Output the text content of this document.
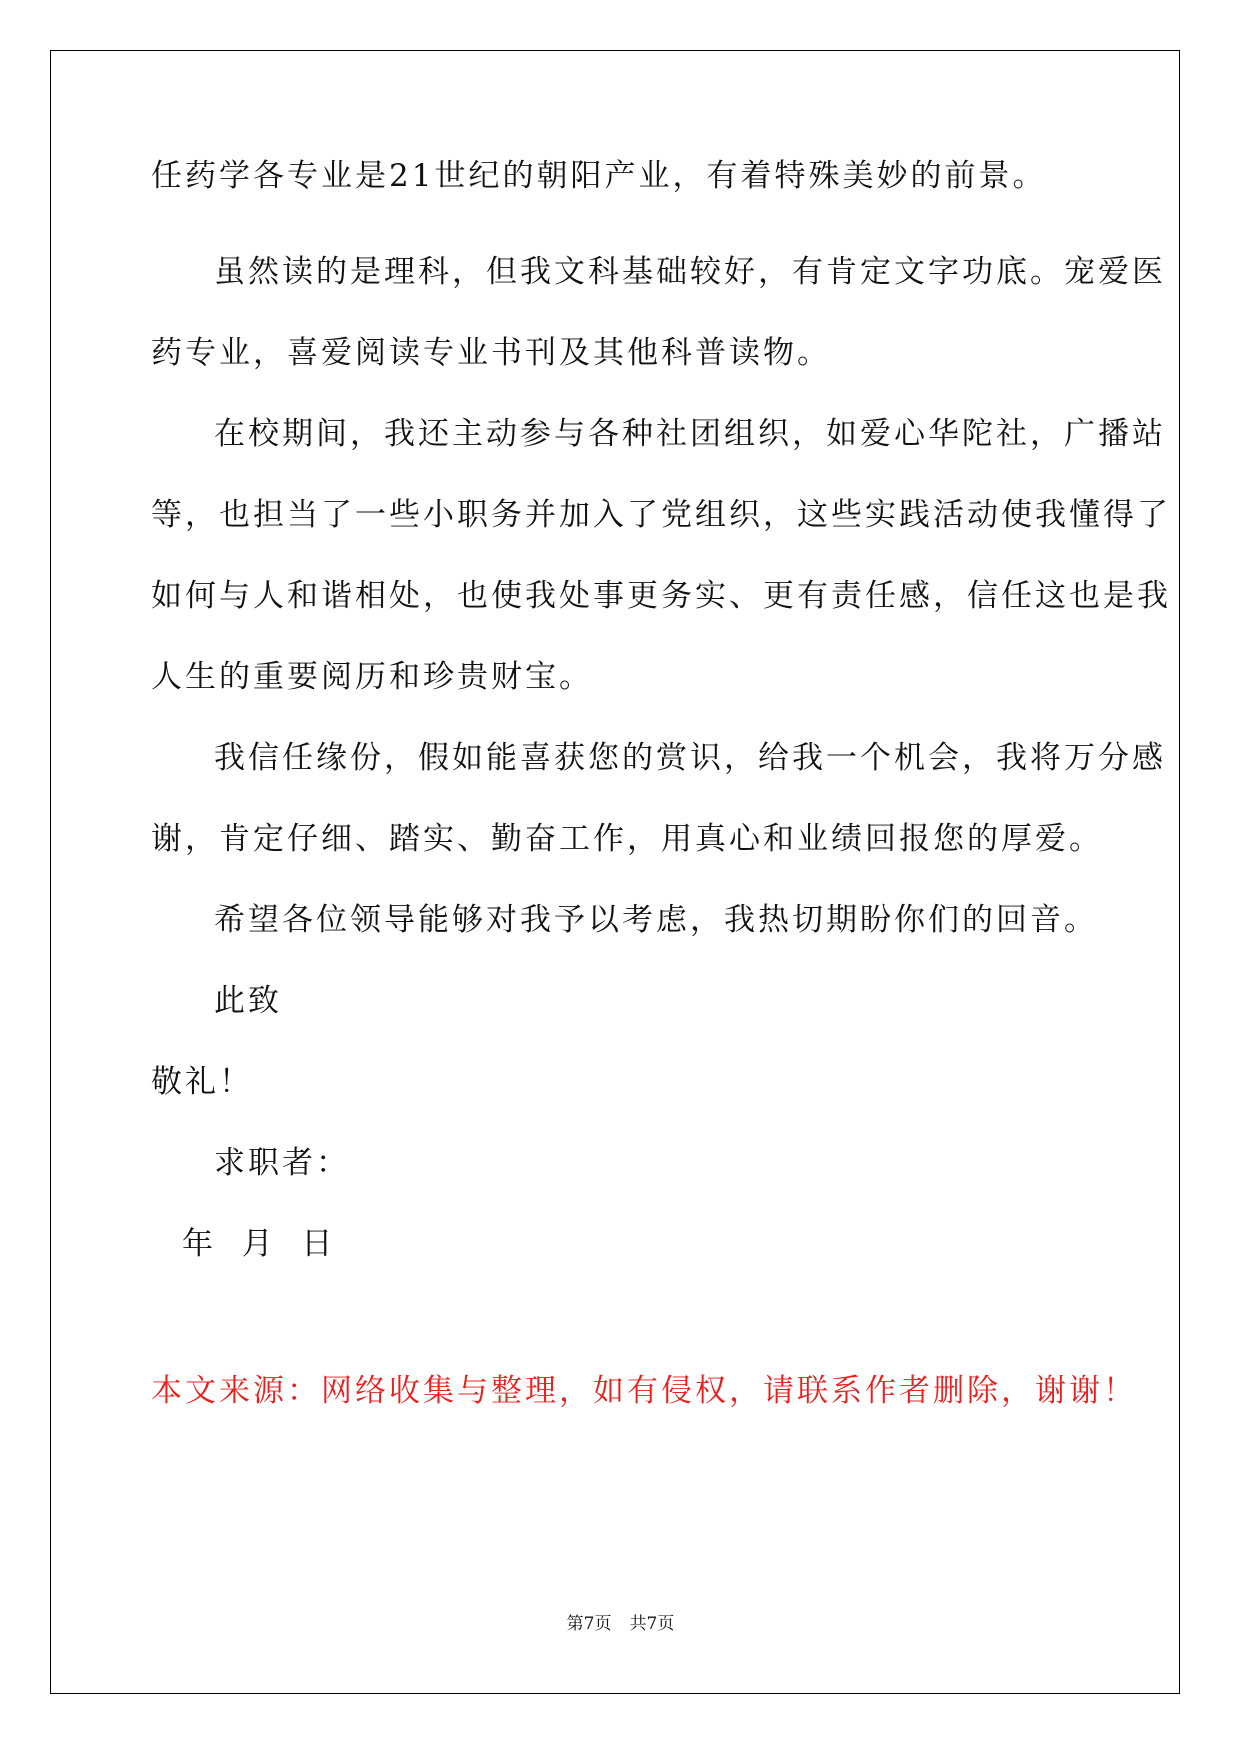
任药学各专业是21世纪的朝阳产业，有着特殊美妙的前景。
虽然读的是理科，但我文科基础较好，有肯定文字功底。宠爱医
药专业，喜爱阅读专业书刊及其他科普读物。
在校期间，我还主动参与各种社团组织，如爱心华陀社，广播站
等，也担当了一些小职务并加入了党组织，这些实践活动使我懂得了
如何与人和谐相处，也使我处事更务实、更有责任感，信任这也是我
人生的重要阅历和珍贵财宝。
我信任缘份，假如能喜获您的赏识，给我一个机会，我将万分感
谢，肯定仔细、踏实、勤奋工作，用真心和业绩回报您的厚爱。
希望各位领导能够对我予以考虑，我热切期盼你们的回音。
此致
敬礼！
求职者：
年  月  日
本文来源：网络收集与整理，如有侵权，请联系作者删除，谢谢！
第7页 共7页
